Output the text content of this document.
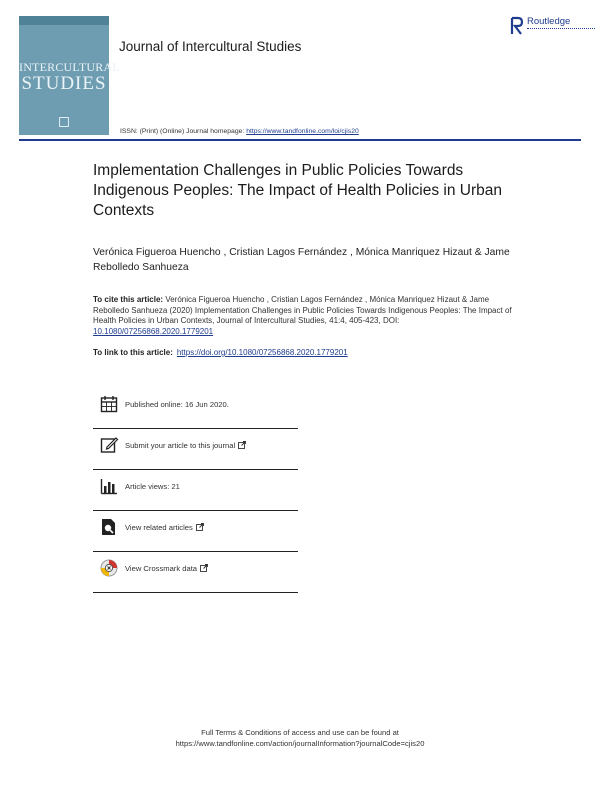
INTERCULTURAL
STUDIES
Journal of Intercultural Studies
ISSN: (Print) (Online) Journal homepage: https://www.tandfonline.com/loi/cjis20
Routledge
Implementation Challenges in Public Policies Towards Indigenous Peoples: The Impact of Health Policies in Urban Contexts
Verónica Figueroa Huencho , Cristian Lagos Fernández , Mónica Manriquez Hizaut & Jame Rebolledo Sanhueza
To cite this article: Verónica Figueroa Huencho , Cristian Lagos Fernández , Mónica Manriquez Hizaut & Jame Rebolledo Sanhueza (2020) Implementation Challenges in Public Policies Towards Indigenous Peoples: The Impact of Health Policies in Urban Contexts, Journal of Intercultural Studies, 41:4, 405-423, DOI: 10.1080/07256868.2020.1779201
To link to this article: https://doi.org/10.1080/07256868.2020.1779201
Published online: 16 Jun 2020.
Submit your article to this journal
Article views: 21
View related articles
View Crossmark data
Full Terms & Conditions of access and use can be found at
https://www.tandfonline.com/action/journalInformation?journalCode=cjis20
